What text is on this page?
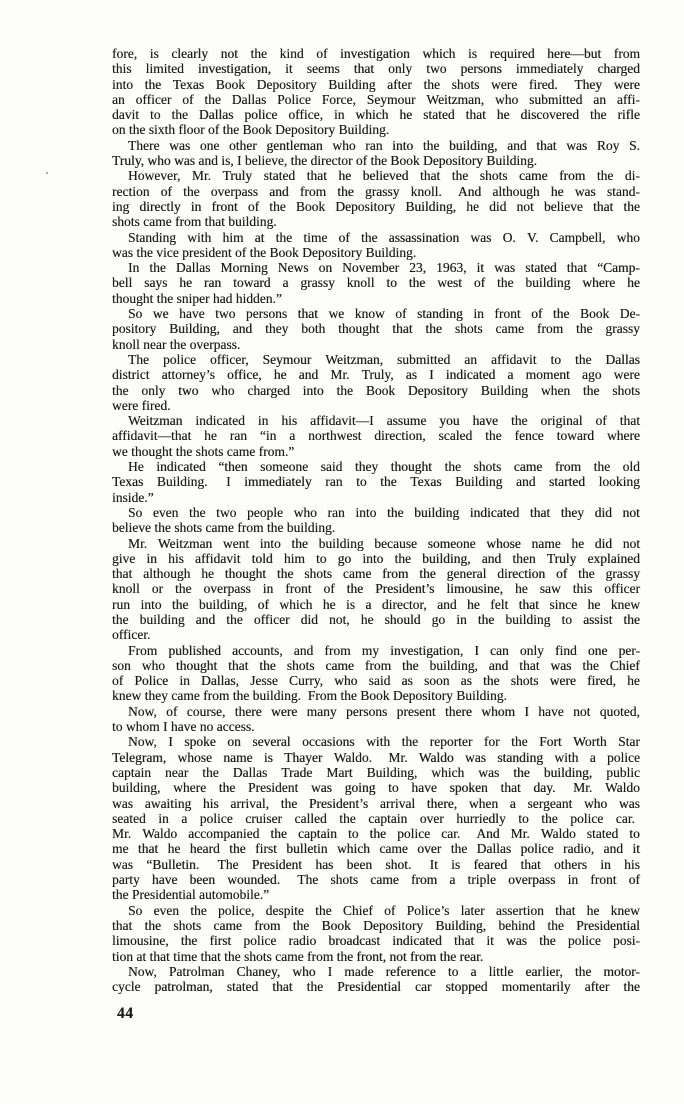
fore, is clearly not the kind of investigation which is required here—but from
this limited investigation, it seems that only two persons immediately charged
into the Texas Book Depository Building after the shots were fired. They were
an officer of the Dallas Police Force, Seymour Weitzman, who submitted an affi-
davit to the Dallas police office, in which he stated that he discovered the rifle
on the sixth floor of the Book Depository Building.
There was one other gentleman who ran into the building, and that was Roy S.
Truly, who was and is, I believe, the director of the Book Depository Building.
However, Mr. Truly stated that he believed that the shots came from the di-
rection of the overpass and from the grassy knoll. And although he was stand-
ing directly in front of the Book Depository Building, he did not believe that the
shots came from that building.
Standing with him at the time of the assassination was O. V. Campbell, who
was the vice president of the Book Depository Building.
In the Dallas Morning News on November 23, 1963, it was stated that “Camp-
bell says he ran toward a grassy knoll to the west of the building where he
thought the sniper had hidden.”
So we have two persons that we know of standing in front of the Book De-
pository Building, and they both thought that the shots came from the grassy
knoll near the overpass.
The police officer, Seymour Weitzman, submitted an affidavit to the Dallas
district attorney’s office, he and Mr. Truly, as I indicated a moment ago were
the only two who charged into the Book Depository Building when the shots
were fired.
Weitzman indicated in his affidavit—I assume you have the original of that
affidavit—that he ran “in a northwest direction, scaled the fence toward where
we thought the shots came from.”
He indicated “then someone said they thought the shots came from the old
Texas Building. I immediately ran to the Texas Building and started looking
inside.”
So even the two people who ran into the building indicated that they did not
believe the shots came from the building.
Mr. Weitzman went into the building because someone whose name he did not
give in his affidavit told him to go into the building, and then Truly explained
that although he thought the shots came from the general direction of the grassy
knoll or the overpass in front of the President’s limousine, he saw this officer
run into the building, of which he is a director, and he felt that since he knew
the building and the officer did not, he should go in the building to assist the
officer.
From published accounts, and from my investigation, I can only find one per-
son who thought that the shots came from the building, and that was the Chief
of Police in Dallas, Jesse Curry, who said as soon as the shots were fired, he
knew they came from the building.  From the Book Depository Building.
Now, of course, there were many persons present there whom I have not quoted,
to whom I have no access.
Now, I spoke on several occasions with the reporter for the Fort Worth Star
Telegram, whose name is Thayer Waldo. Mr. Waldo was standing with a police
captain near the Dallas Trade Mart Building, which was the building, public
building, where the President was going to have spoken that day. Mr. Waldo
was awaiting his arrival, the President’s arrival there, when a sergeant who was
seated in a police cruiser called the captain over hurriedly to the police car.
Mr. Waldo accompanied the captain to the police car. And Mr. Waldo stated to
me that he heard the first bulletin which came over the Dallas police radio, and it
was “Bulletin. The President has been shot. It is feared that others in his
party have been wounded. The shots came from a triple overpass in front of
the Presidential automobile.”
So even the police, despite the Chief of Police’s later assertion that he knew
that the shots came from the Book Depository Building, behind the Presidential
limousine, the first police radio broadcast indicated that it was the police posi-
tion at that time that the shots came from the front, not from the rear.
Now, Patrolman Chaney, who I made reference to a little earlier, the motor-
cycle patrolman, stated that the Presidential car stopped momentarily after the
44
